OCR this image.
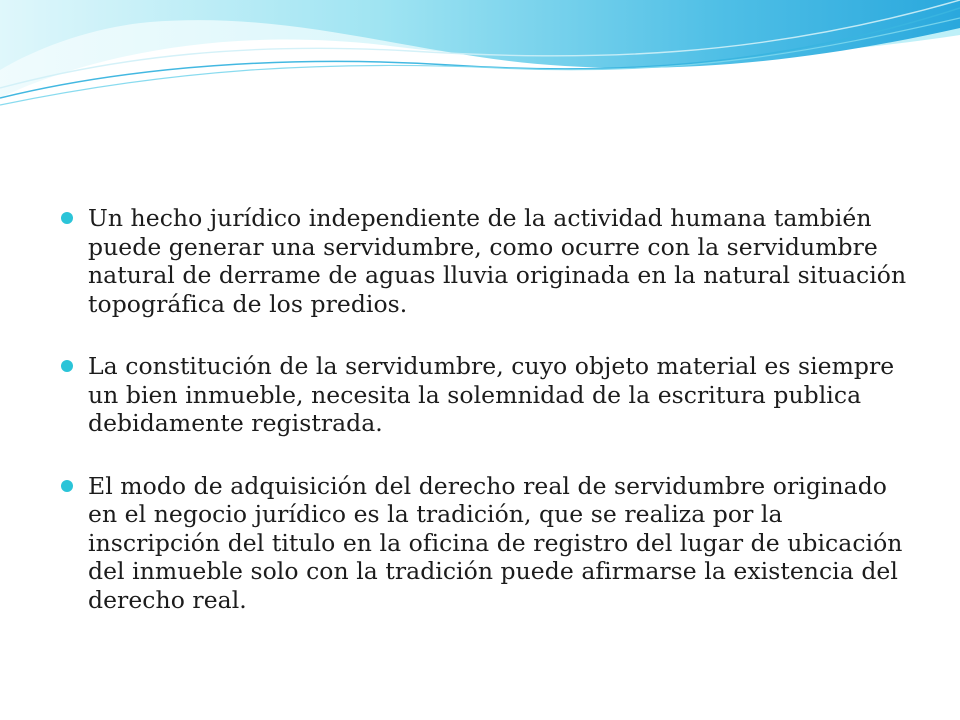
Un hecho jurídico independiente de la actividad humana también puede generar una servidumbre, como ocurre con la servidumbre natural de derrame de aguas lluvia originada en la natural situación topográfica de los predios.
La constitución de la servidumbre, cuyo objeto material es siempre un bien inmueble, necesita la solemnidad de la escritura publica debidamente registrada.
El modo de adquisición del derecho real de servidumbre originado en el negocio jurídico es la tradición, que se realiza por la inscripción del titulo en la oficina de registro del lugar de ubicación del inmueble solo con la tradición puede afirmarse la existencia del derecho real.
